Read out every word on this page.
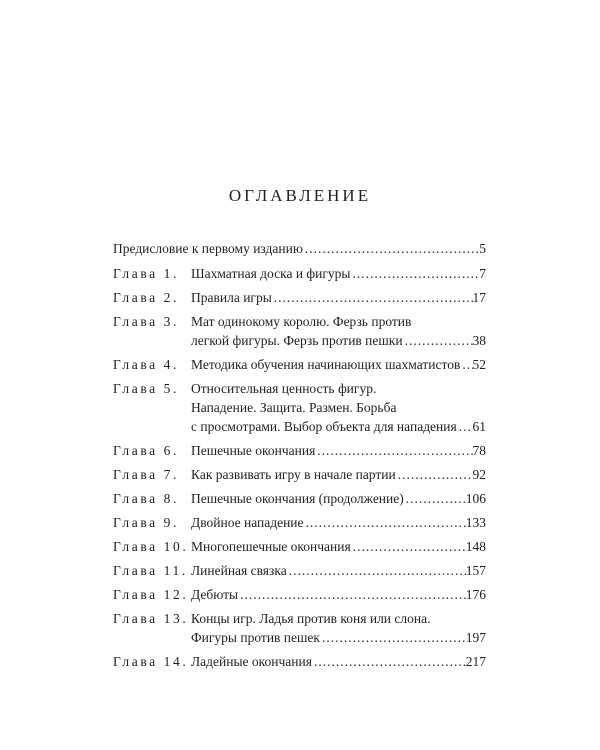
ОГЛАВЛЕНИЕ
Предисловие к первому изданию .....	5
Глава 1. Шахматная доска и фигуры .....	7
Глава 2. Правила игры .....	17
Глава 3. Мат одинокому королю. Ферзь против
легкой фигуры. Ферзь против пешки .....	38
Глава 4. Методика обучения начинающих шахматистов ..... 52
Глава 5. Относительная ценность фигур.
Нападение. Защита. Размен. Борьба
с просмотрами. Выбор объекта для нападения ..... 61
Глава 6. Пешечные окончания .....	78
Глава 7. Как развивать игру в начале партии .....	92
Глава 8. Пешечные окончания (продолжение) .....	106
Глава 9. Двойное нападение .....	133
Глава 10. Многопешечные окончания .....	148
Глава 11. Линейная связка .....	157
Глава 12. Дебюты .....	176
Глава 13. Концы игр. Ладья против коня или слона.
Фигуры против пешек .....	197
Глава 14. Ладейные окончания .....	217
